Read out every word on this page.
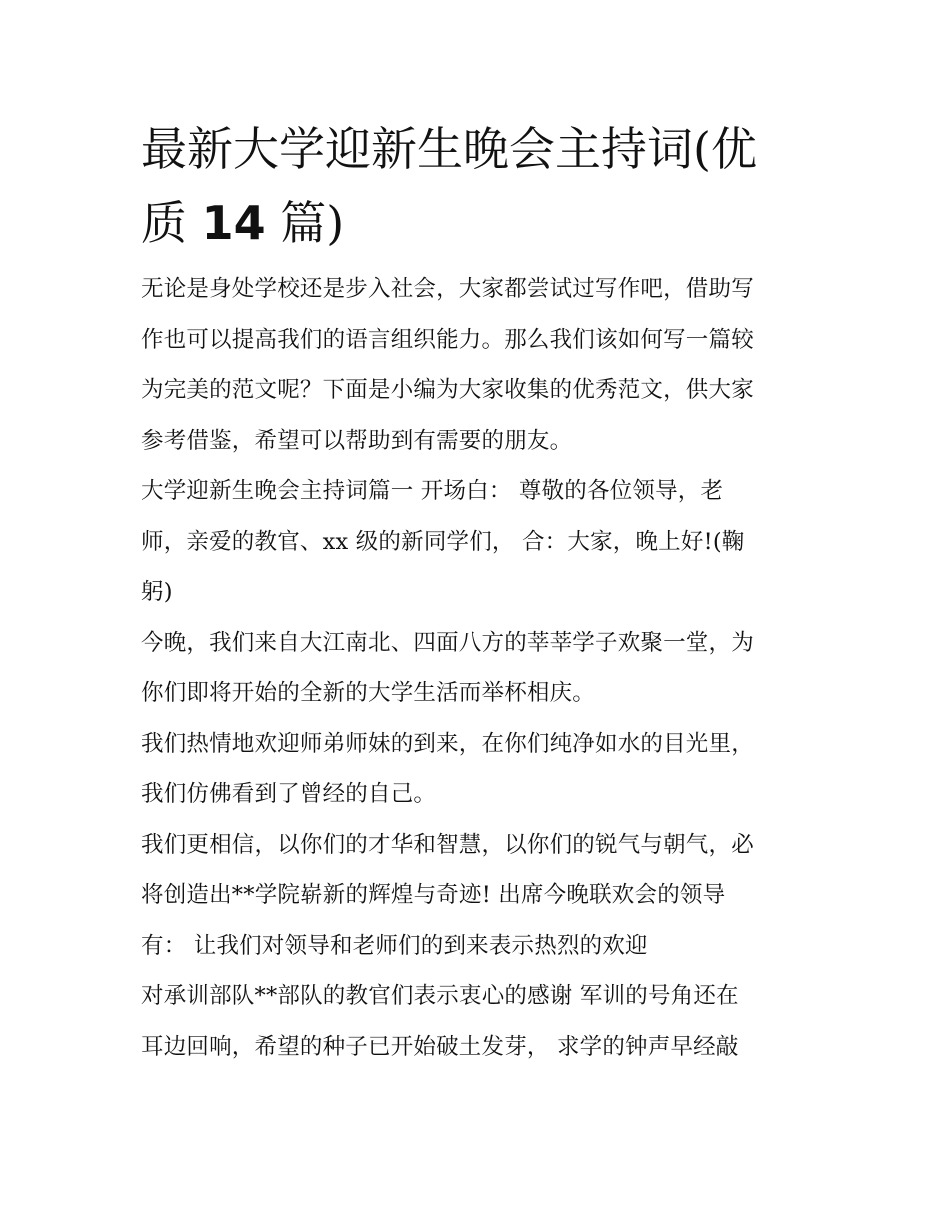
最新大学迎新生晚会主持词(优
质 14 篇)
无论是身处学校还是步入社会，大家都尝试过写作吧，借助写
作也可以提高我们的语言组织能力。那么我们该如何写一篇较
为完美的范文呢？下面是小编为大家收集的优秀范文，供大家
参考借鉴，希望可以帮助到有需要的朋友。
大学迎新生晚会主持词篇一 开场白： 尊敬的各位领导，老
师，亲爱的教官、xx 级的新同学们， 合：大家，晚上好!(鞠
躬)
今晚，我们来自大江南北、四面八方的莘莘学子欢聚一堂，为
你们即将开始的全新的大学生活而举杯相庆。
我们热情地欢迎师弟师妹的到来，在你们纯净如水的目光里，
我们仿佛看到了曾经的自己。
我们更相信，以你们的才华和智慧，以你们的锐气与朝气，必
将创造出**学院崭新的辉煌与奇迹! 出席今晚联欢会的领导
有： 让我们对领导和老师们的到来表示热烈的欢迎
对承训部队**部队的教官们表示衷心的感谢 军训的号角还在
耳边回响，希望的种子已开始破土发芽， 求学的钟声早经敲
